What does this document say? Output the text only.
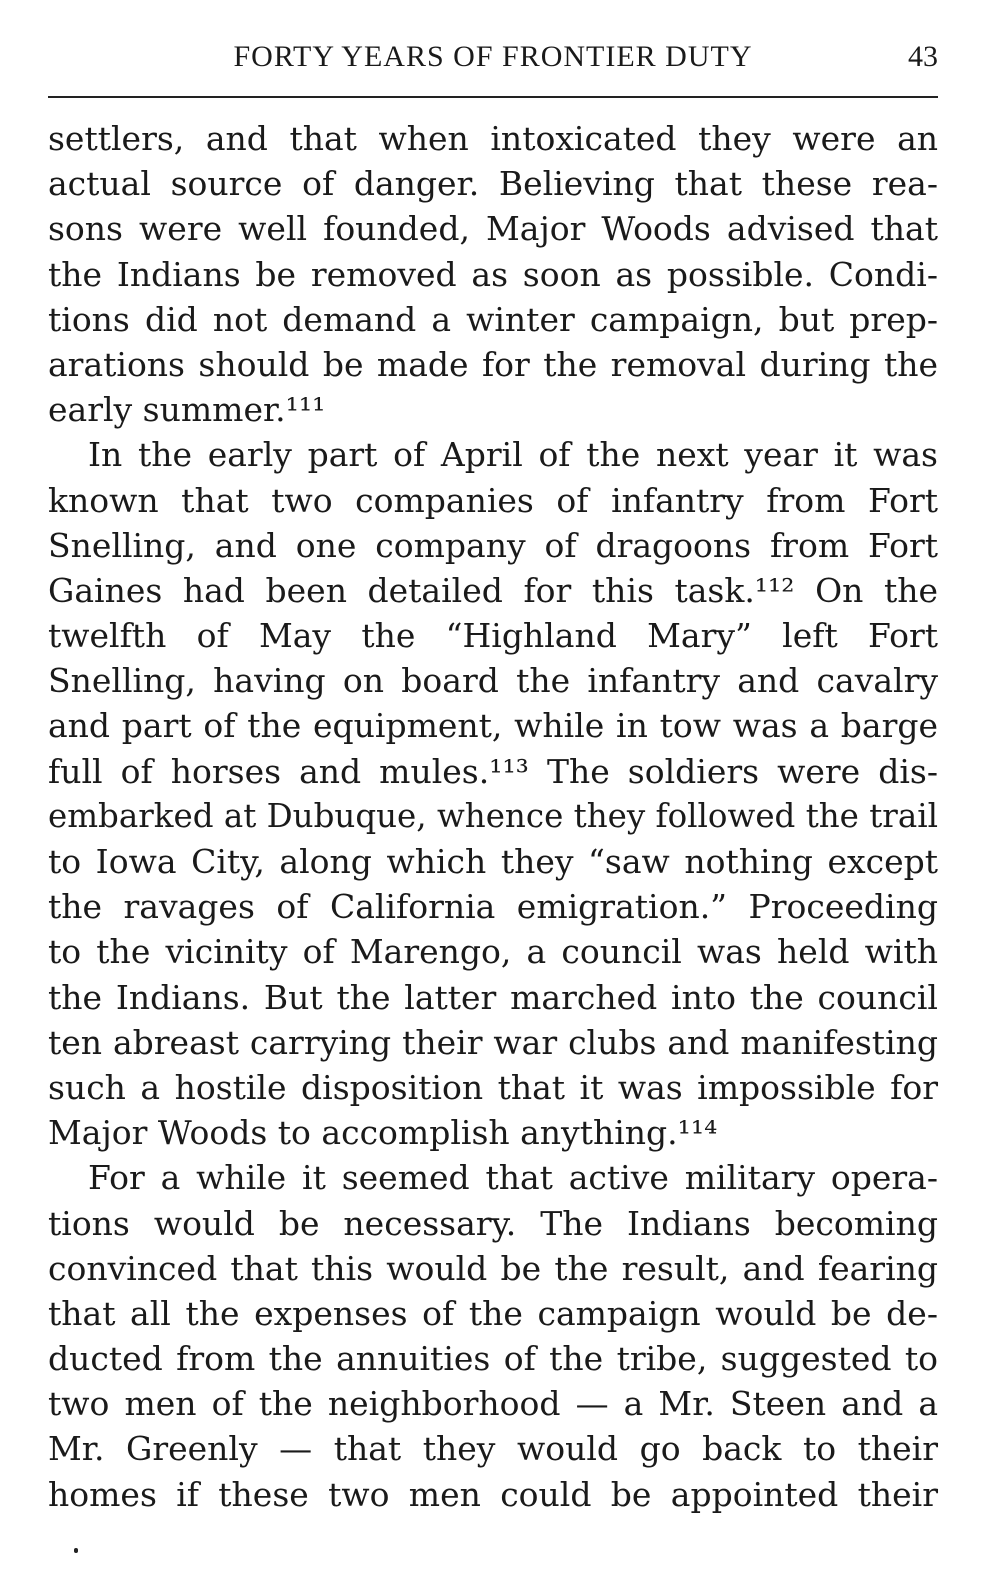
FORTY YEARS OF FRONTIER DUTY	43
settlers, and that when intoxicated they were an
actual source of danger. Believing that these rea-
sons were well founded, Major Woods advised that
the Indians be removed as soon as possible. Condi-
tions did not demand a winter campaign, but prep-
arations should be made for the removal during the
early summer.¹¹¹
In the early part of April of the next year it was
known that two companies of infantry from Fort
Snelling, and one company of dragoons from Fort
Gaines had been detailed for this task.¹¹² On the
twelfth of May the “Highland Mary” left Fort
Snelling, having on board the infantry and cavalry
and part of the equipment, while in tow was a barge
full of horses and mules.¹¹³ The soldiers were dis-
embarked at Dubuque, whence they followed the trail
to Iowa City, along which they “saw nothing except
the ravages of California emigration.” Proceeding
to the vicinity of Marengo, a council was held with
the Indians. But the latter marched into the council
ten abreast carrying their war clubs and manifesting
such a hostile disposition that it was impossible for
Major Woods to accomplish anything.¹¹⁴
For a while it seemed that active military opera-
tions would be necessary. The Indians becoming
convinced that this would be the result, and fearing
that all the expenses of the campaign would be de-
ducted from the annuities of the tribe, suggested to
two men of the neighborhood — a Mr. Steen and a
Mr. Greenly — that they would go back to their
homes if these two men could be appointed their
